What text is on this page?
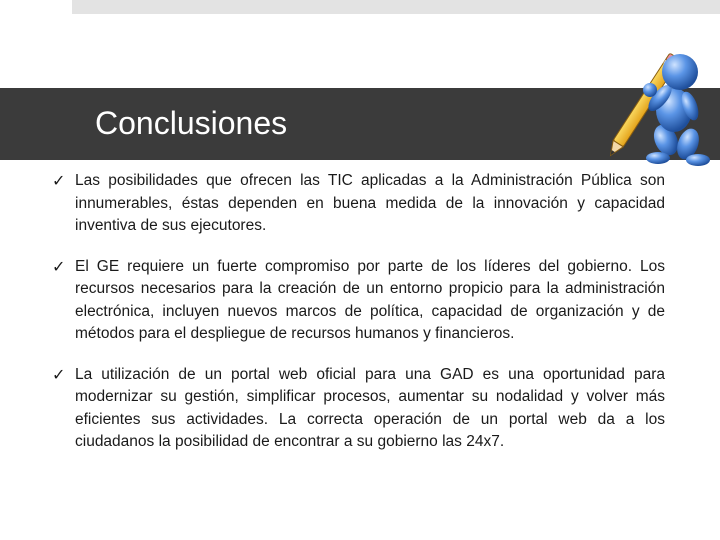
Conclusiones
✓ Las posibilidades que ofrecen las TIC aplicadas a la Administración Pública son innumerables, éstas dependen en buena medida de la innovación y capacidad inventiva de sus ejecutores.
✓ El GE requiere un fuerte compromiso por parte de los líderes del gobierno. Los recursos necesarios para la creación de un entorno propicio para la administración electrónica, incluyen nuevos marcos de política, capacidad de organización y de métodos para el despliegue de recursos humanos y financieros.
✓ La utilización de un portal web oficial para una GAD es una oportunidad para modernizar su gestión, simplificar procesos, aumentar su nodalidad y volver más eficientes sus actividades. La correcta operación de un portal web da a los ciudadanos la posibilidad de encontrar a su gobierno las 24x7.
